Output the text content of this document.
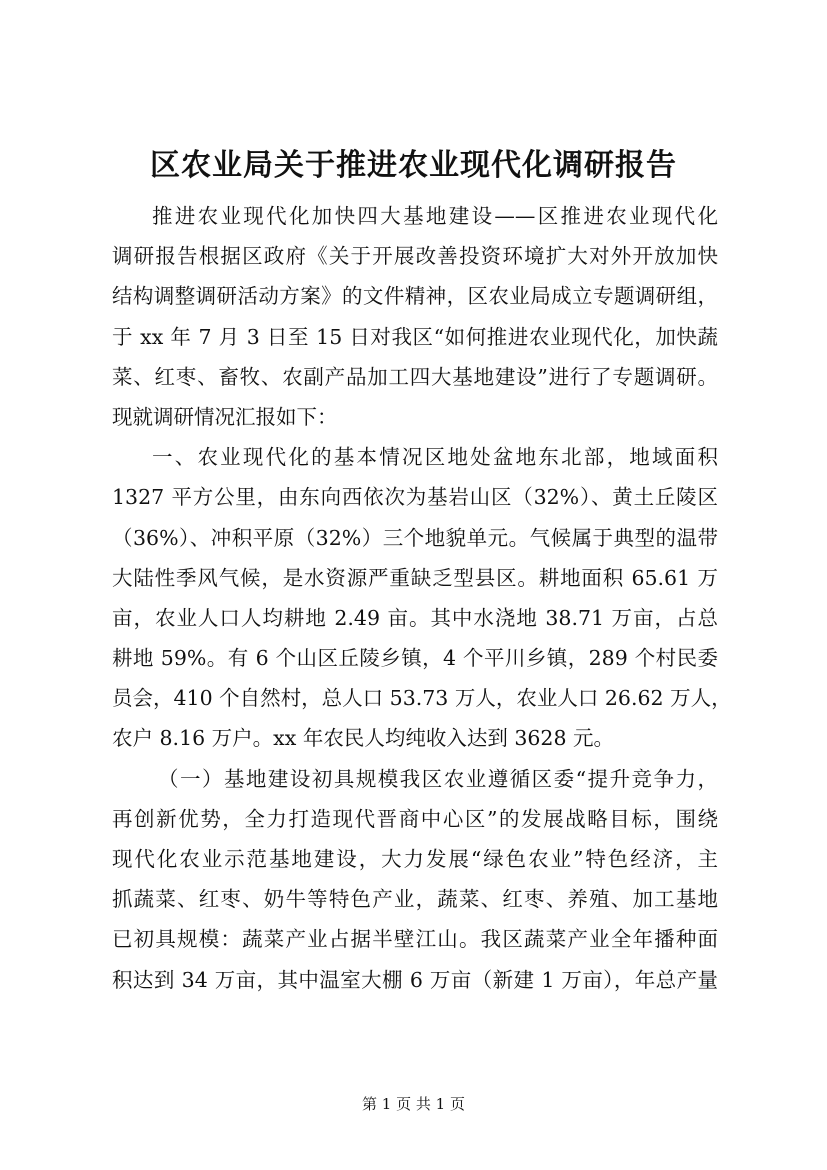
区农业局关于推进农业现代化调研报告
推进农业现代化加快四大基地建设——区推进农业现代化
调研报告根据区政府《关于开展改善投资环境扩大对外开放加快
结构调整调研活动方案》的文件精神，区农业局成立专题调研组，
于 xx 年 7 月 3 日至 15 日对我区“如何推进农业现代化，加快蔬
菜、红枣、畜牧、农副产品加工四大基地建设”进行了专题调研。
现就调研情况汇报如下：
一、农业现代化的基本情况区地处盆地东北部，地域面积
1327 平方公里，由东向西依次为基岩山区（32%）、黄土丘陵区
（36%）、冲积平原（32%）三个地貌单元。气候属于典型的温带
大陆性季风气候，是水资源严重缺乏型县区。耕地面积 65.61 万
亩，农业人口人均耕地 2.49 亩。其中水浇地 38.71 万亩，占总
耕地 59%。有 6 个山区丘陵乡镇，4 个平川乡镇，289 个村民委
员会，410 个自然村，总人口 53.73 万人，农业人口 26.62 万人，
农户 8.16 万户。xx 年农民人均纯收入达到 3628 元。
（一）基地建设初具规模我区农业遵循区委“提升竞争力，
再创新优势，全力打造现代晋商中心区”的发展战略目标，围绕
现代化农业示范基地建设，大力发展“绿色农业”特色经济，主
抓蔬菜、红枣、奶牛等特色产业，蔬菜、红枣、养殖、加工基地
已初具规模：蔬菜产业占据半壁江山。我区蔬菜产业全年播种面
积达到 34 万亩，其中温室大棚 6 万亩（新建 1 万亩），年总产量
第 1 页 共 1 页
